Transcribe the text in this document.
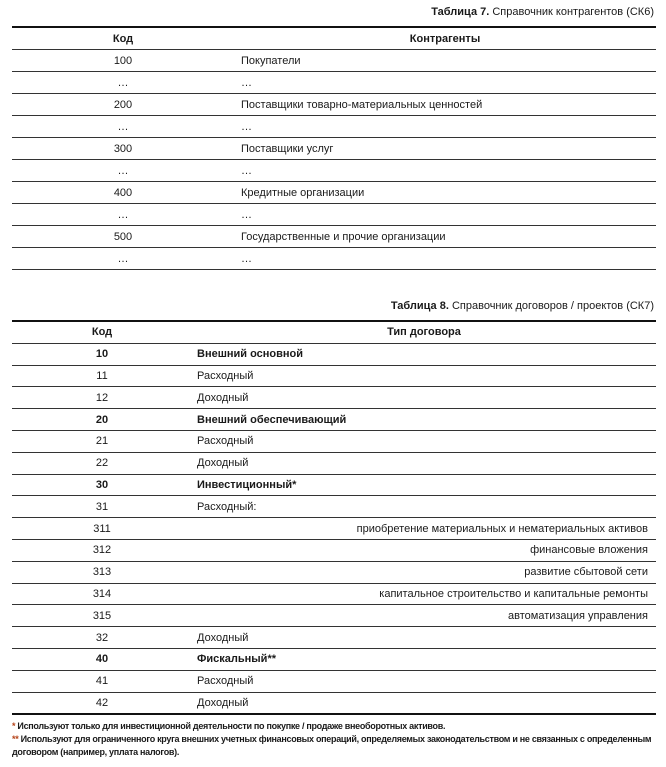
Таблица 7. Справочник контрагентов (СК6)
Код	Контрагенты
100	Покупатели
…	…
200	Поставщики товарно-материальных ценностей
…	…
300	Поставщики услуг
…	…
400	Кредитные организации
…	…
500	Государственные и прочие организации
…	…
Таблица 8. Справочник договоров / проектов (СК7)
Код	Тип договора
10	Внешний основной
11	Расходный
12	Доходный
20	Внешний обеспечивающий
21	Расходный
22	Доходный
30	Инвестиционный*
31	Расходный:
311	приобретение материальных и нематериальных активов
312	финансовые вложения
313	развитие сбытовой сети
314	капитальное строительство и капитальные ремонты
315	автоматизация управления
32	Доходный
40	Фискальный**
41	Расходный
42	Доходный
* Используют только для инвестиционной деятельности по покупке / продаже внеоборотных активов.
** Используют для ограниченного круга внешних учетных финансовых операций, определяемых законодательством и не связанных с определенным договором (например, уплата налогов).
